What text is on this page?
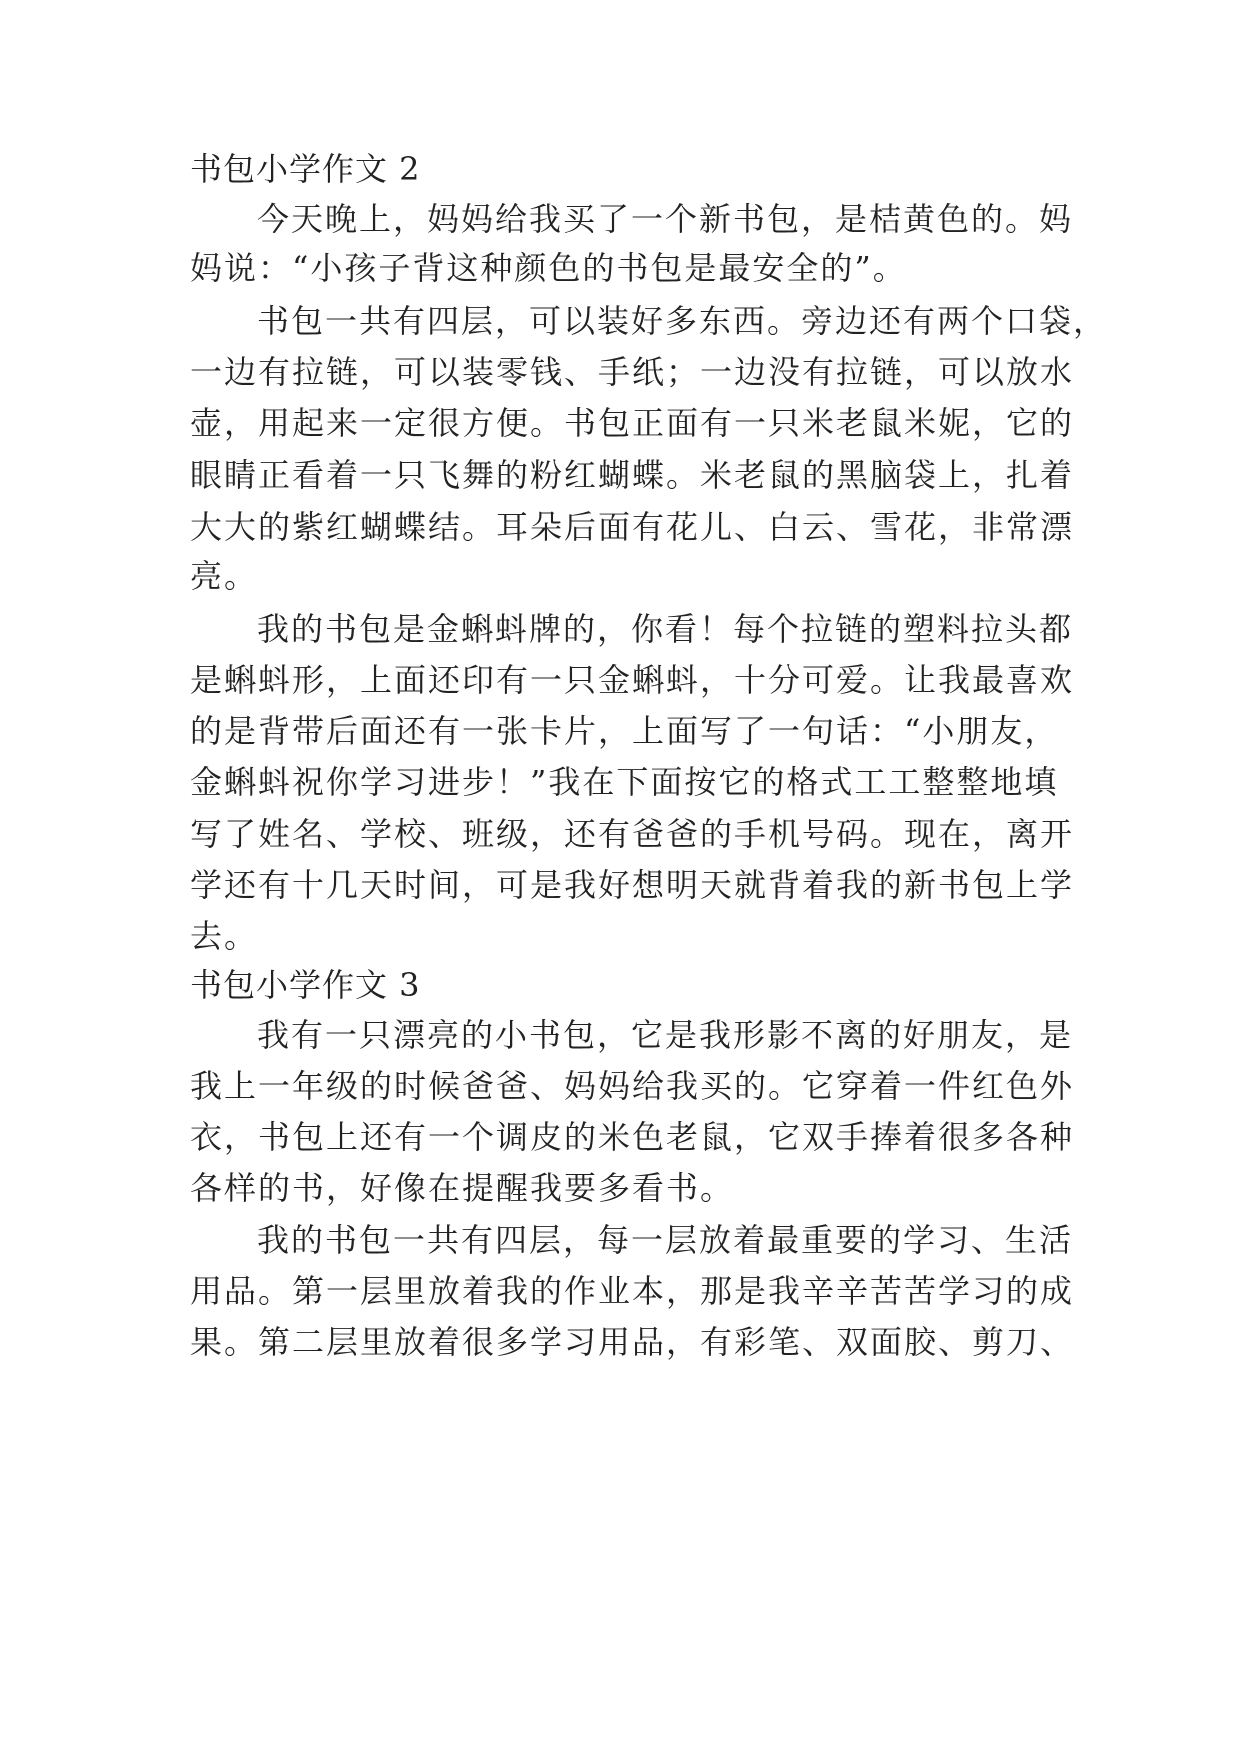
书包小学作文 2
今天晚上，妈妈给我买了一个新书包，是桔黄色的。妈
妈说：“小孩子背这种颜色的书包是最安全的”。
书包一共有四层，可以装好多东西。旁边还有两个口袋，
一边有拉链，可以装零钱、手纸；一边没有拉链，可以放水
壶，用起来一定很方便。书包正面有一只米老鼠米妮，它的
眼睛正看着一只飞舞的粉红蝴蝶。米老鼠的黑脑袋上，扎着
大大的紫红蝴蝶结。耳朵后面有花儿、白云、雪花，非常漂
亮。
我的书包是金蝌蚪牌的，你看！每个拉链的塑料拉头都
是蝌蚪形，上面还印有一只金蝌蚪，十分可爱。让我最喜欢
的是背带后面还有一张卡片，上面写了一句话：“小朋友，
金蝌蚪祝你学习进步！”我在下面按它的格式工工整整地填
写了姓名、学校、班级，还有爸爸的手机号码。现在，离开
学还有十几天时间，可是我好想明天就背着我的新书包上学
去。
书包小学作文 3
我有一只漂亮的小书包，它是我形影不离的好朋友，是
我上一年级的时候爸爸、妈妈给我买的。它穿着一件红色外
衣，书包上还有一个调皮的米色老鼠，它双手捧着很多各种
各样的书，好像在提醒我要多看书。
我的书包一共有四层，每一层放着最重要的学习、生活
用品。第一层里放着我的作业本，那是我辛辛苦苦学习的成
果。第二层里放着很多学习用品，有彩笔、双面胶、剪刀、
